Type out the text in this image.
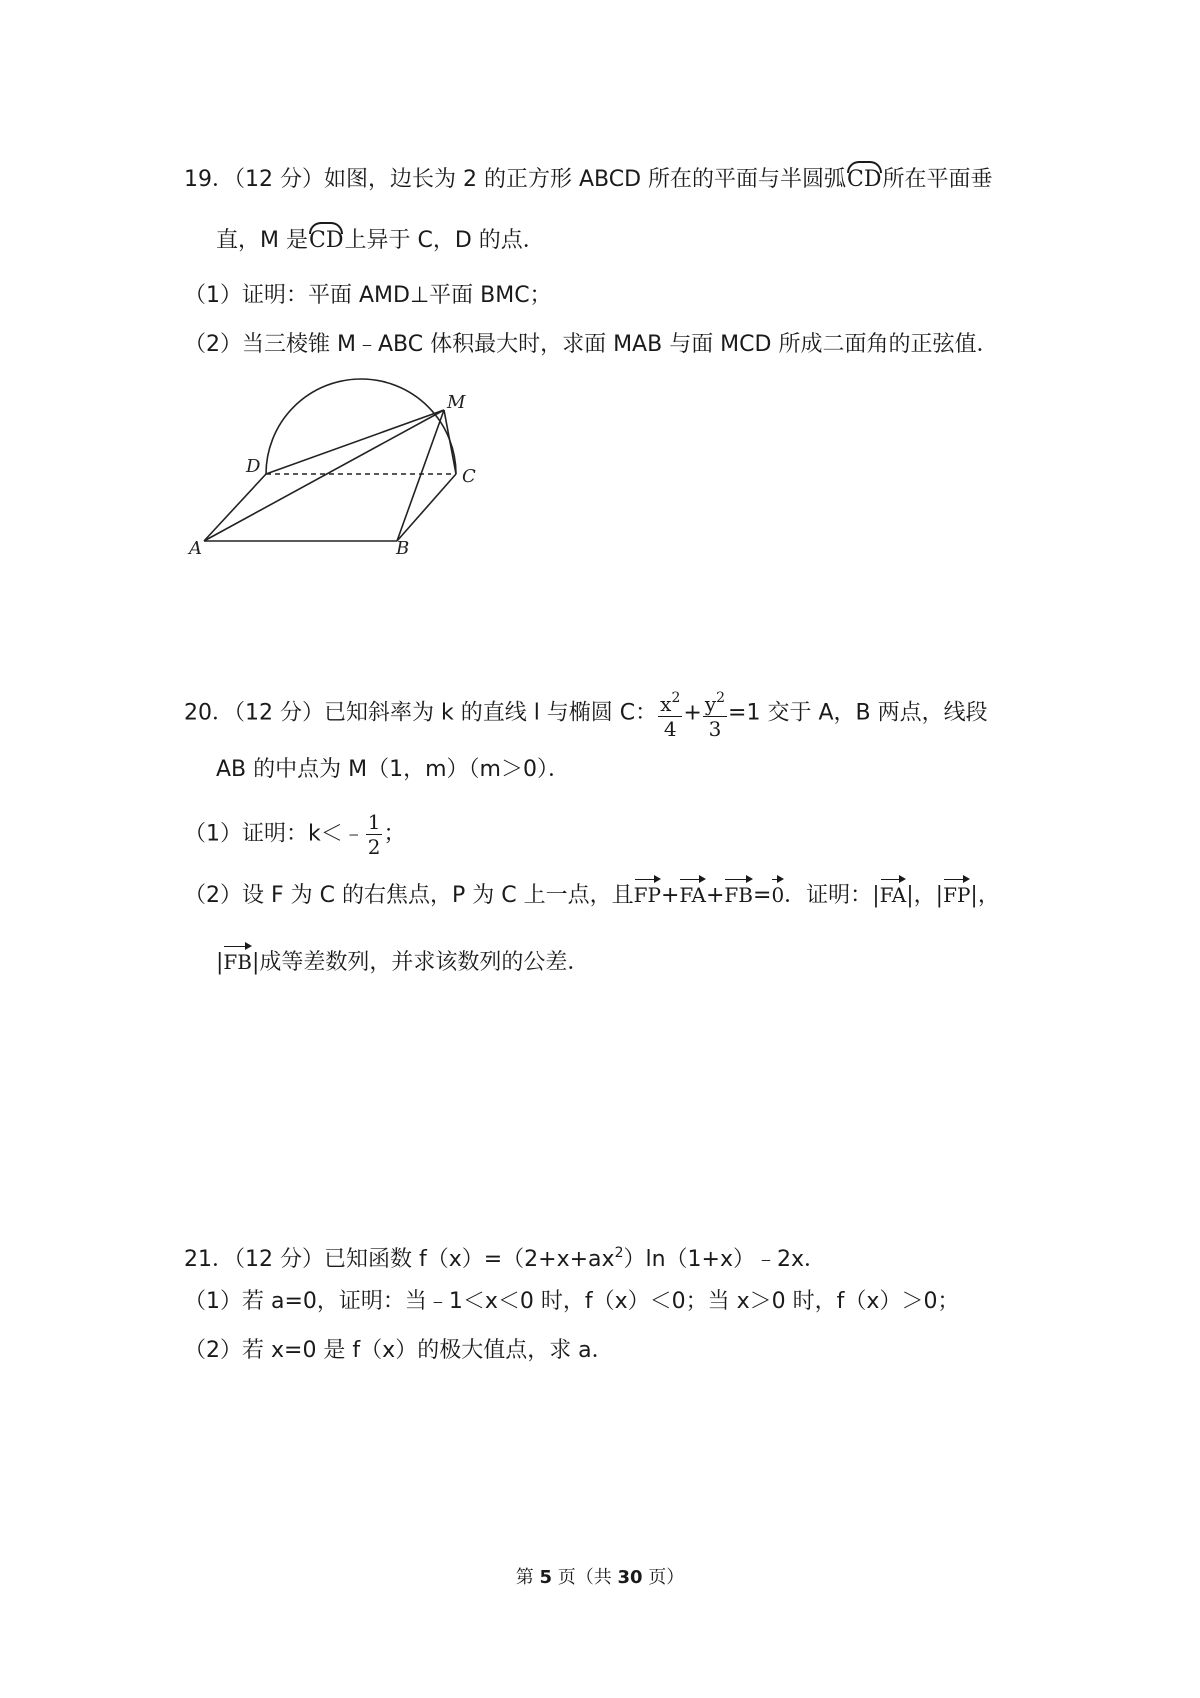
19．（12 分）如图，边长为 2 的正方形 ABCD 所在的平面与半圆弧CD所在平面垂
直，M 是CD上异于 C，D 的点．
（1）证明：平面 AMD⊥平面 BMC；
（2）当三棱锥 M﹣ABC 体积最大时，求面 MAB 与面 MCD 所成二面角的正弦值．
M
D	C
A	B
20．（12 分）已知斜率为 k 的直线 l 与椭圆 C： $\frac{x^2}{4} + \frac{y^2}{3} =1$ 交于 A，B 两点，线段
AB 的中点为 M（1，m）（m＞0）．
（1）证明：k＜﹣ $\frac{1}{2}$ ；
（2）设 F 为 C 的右焦点，P 为 C 上一点，且FP+FA+FB=0．证明：|FA|，|FP|，
|FB|成等差数列，并求该数列的公差．
21．（12 分）已知函数 $f(x)=(2+x+ax^2)\ln(1+x)﹣2x$．
（1）若 a=0，证明：当﹣1＜x＜0 时，f（x）＜0；当 x＞0 时，f（x）＞0；
（2）若 x=0 是 f（x）的极大值点，求 a．
第 5 页（共 30 页）
